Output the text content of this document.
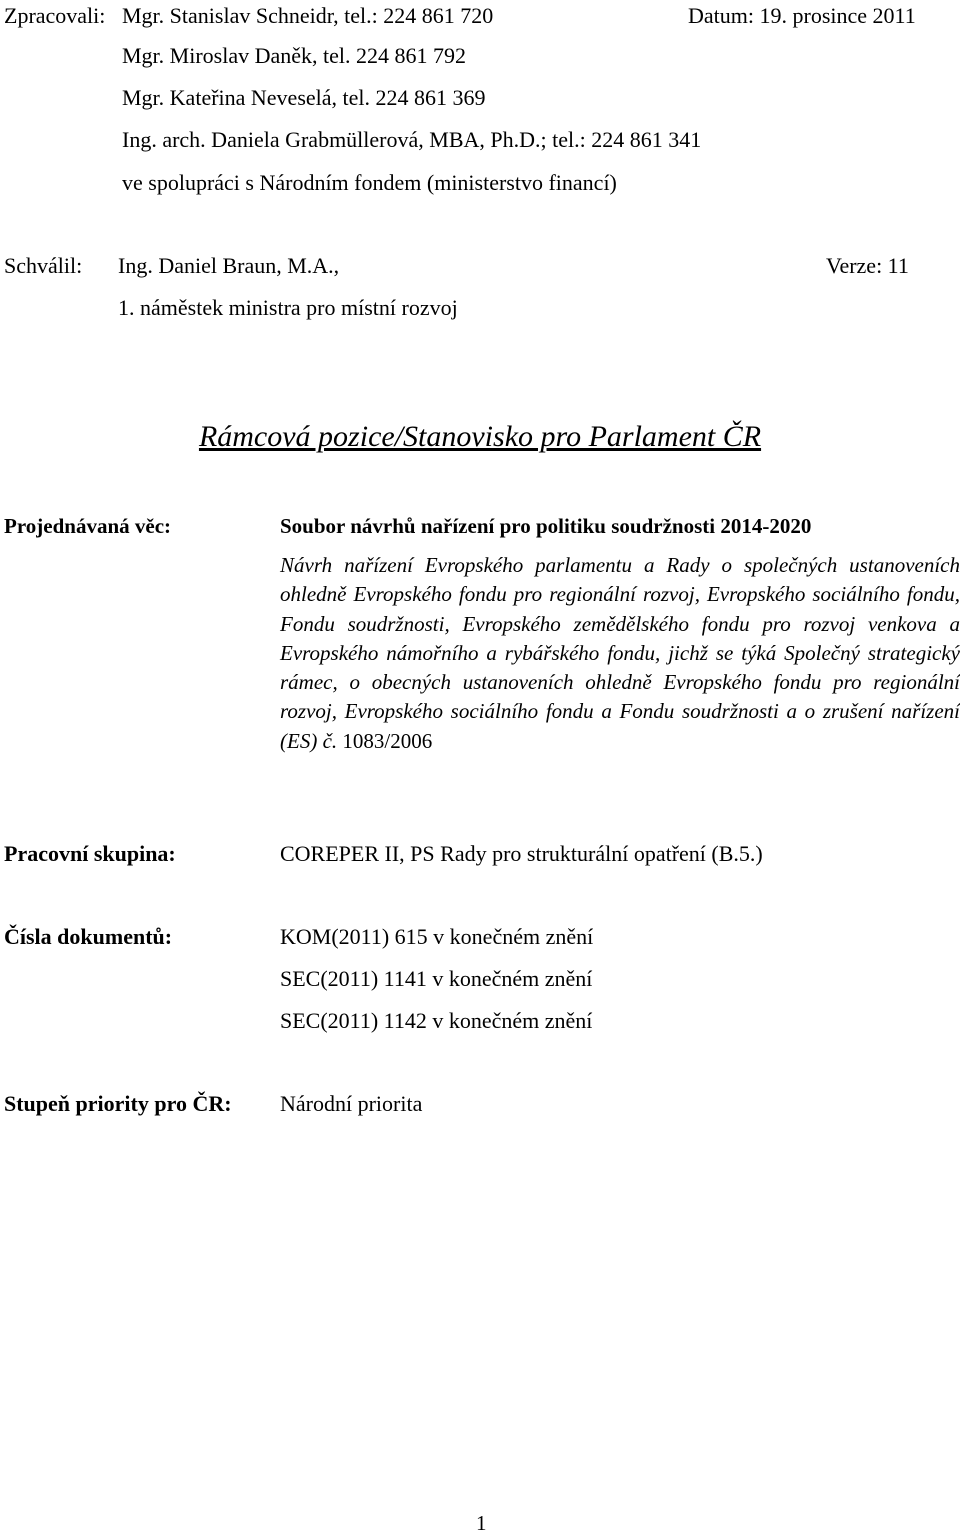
Zpracovali: Mgr. Stanislav Schneidr, tel.: 224 861 720	Datum: 19. prosince 2011
Mgr. Miroslav Daněk, tel. 224 861 792
Mgr. Kateřina Neveselá, tel. 224 861 369
Ing. arch. Daniela Grabmüllerová, MBA, Ph.D.; tel.: 224 861 341
ve spolupráci s Národním fondem (ministerstvo financí)
Schválil: Ing. Daniel Braun, M.A.,	Verze: 11
1. náměstek ministra pro místní rozvoj
Rámcová pozice/Stanovisko pro Parlament ČR
Projednávaná věc:	Soubor návrhů nařízení pro politiku soudržnosti 2014-2020
Návrh nařízení Evropského parlamentu a Rady o společných ustanoveních ohledně Evropského fondu pro regionální rozvoj, Evropského sociálního fondu, Fondu soudržnosti, Evropského zemědělského fondu pro rozvoj venkova a Evropského námořního a rybářského fondu, jichž se týká Společný strategický rámec, o obecných ustanoveních ohledně Evropského fondu pro regionální rozvoj, Evropského sociálního fondu a Fondu soudržnosti a o zrušení nařízení (ES) č. 1083/2006
Pracovní skupina:	COREPER II, PS Rady pro strukturální opatření (B.5.)
Čísla dokumentů:	KOM(2011) 615 v konečném znění
SEC(2011) 1141 v konečném znění
SEC(2011) 1142 v konečném znění
Stupeň priority pro ČR: Národní priorita
1
